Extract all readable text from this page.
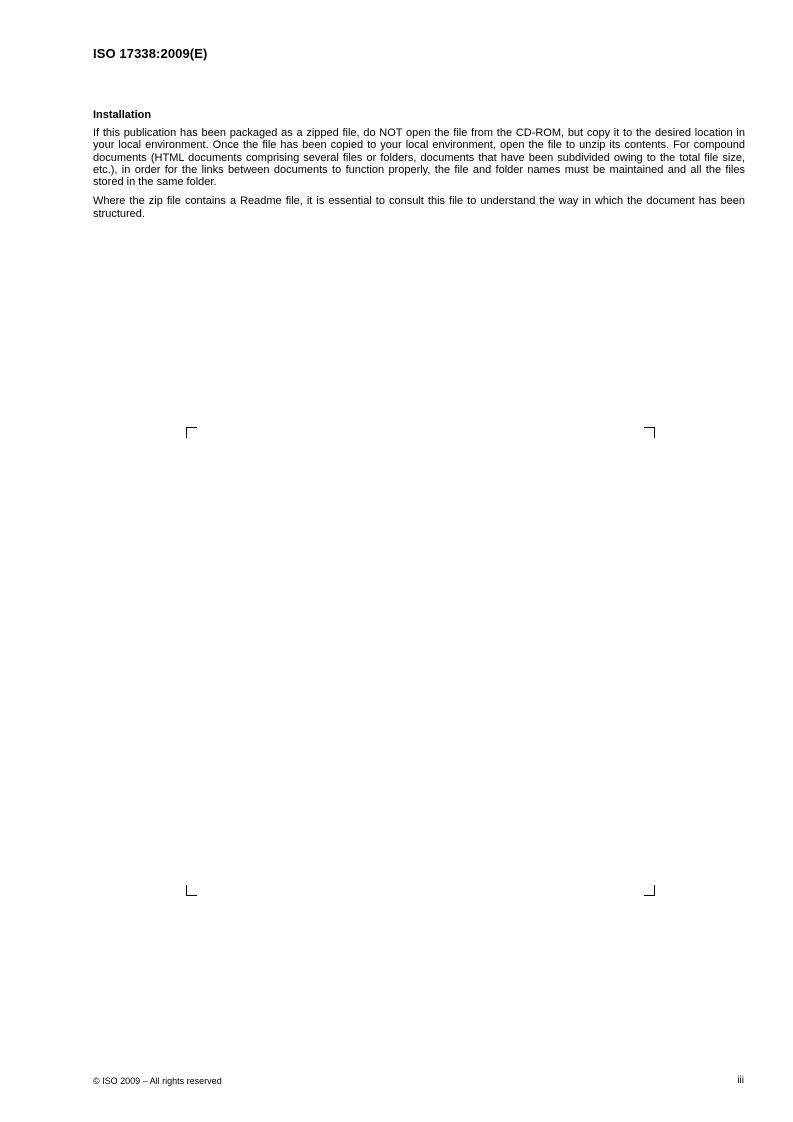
ISO 17338:2009(E)
Installation

If this publication has been packaged as a zipped file, do NOT open the file from the CD-ROM, but copy it to the desired location in your local environment. Once the file has been copied to your local environment, open the file to unzip its contents. For compound documents (HTML documents comprising several files or folders, documents that have been subdivided owing to the total file size, etc.), in order for the links between documents to function properly, the file and folder names must be maintained and all the files stored in the same folder.

Where the zip file contains a Readme file, it is essential to consult this file to understand the way in which the document has been structured.

© ISO 2009 – All rights reserved	iii
